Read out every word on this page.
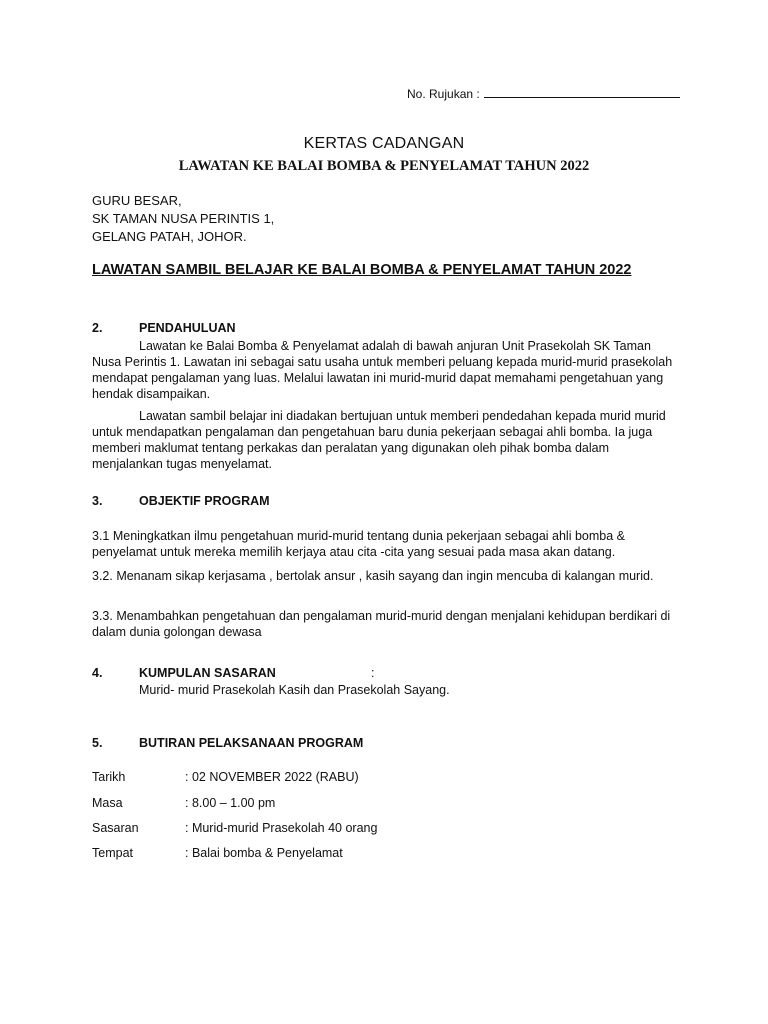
No. Rujukan :
KERTAS CADANGAN
LAWATAN KE BALAI BOMBA & PENYELAMAT TAHUN 2022
GURU BESAR,
SK TAMAN NUSA PERINTIS 1,
GELANG PATAH, JOHOR.
LAWATAN SAMBIL BELAJAR KE BALAI BOMBA & PENYELAMAT TAHUN 2022
2.	PENDAHULUAN
Lawatan ke Balai Bomba & Penyelamat adalah di bawah anjuran Unit Prasekolah SK Taman Nusa Perintis 1. Lawatan ini sebagai satu usaha untuk memberi peluang kepada murid-murid prasekolah mendapat pengalaman yang luas. Melalui lawatan ini murid-murid dapat memahami pengetahuan yang hendak disampaikan.
Lawatan sambil belajar ini diadakan bertujuan untuk memberi pendedahan kepada murid murid untuk mendapatkan pengalaman dan pengetahuan baru dunia pekerjaan sebagai ahli bomba. Ia juga memberi maklumat tentang perkakas dan peralatan yang digunakan oleh pihak bomba dalam menjalankan tugas menyelamat.
3.	OBJEKTIF PROGRAM
3.1 Meningkatkan ilmu pengetahuan murid-murid tentang dunia pekerjaan sebagai ahli bomba & penyelamat untuk mereka memilih kerjaya atau cita -cita yang sesuai pada masa akan datang.
3.2. Menanam sikap kerjasama , bertolak ansur , kasih sayang dan ingin mencuba di kalangan murid.
3.3. Menambahkan pengetahuan dan pengalaman murid-murid dengan menjalani kehidupan berdikari di dalam dunia golongan dewasa
4.	KUMPULAN SASARAN	:
Murid- murid Prasekolah Kasih dan Prasekolah Sayang.
5.	BUTIRAN PELAKSANAAN PROGRAM
Tarikh	: 02 NOVEMBER 2022 (RABU)
Masa	: 8.00 – 1.00 pm
Sasaran	: Murid-murid Prasekolah 40 orang
Tempat	: Balai bomba & Penyelamat
